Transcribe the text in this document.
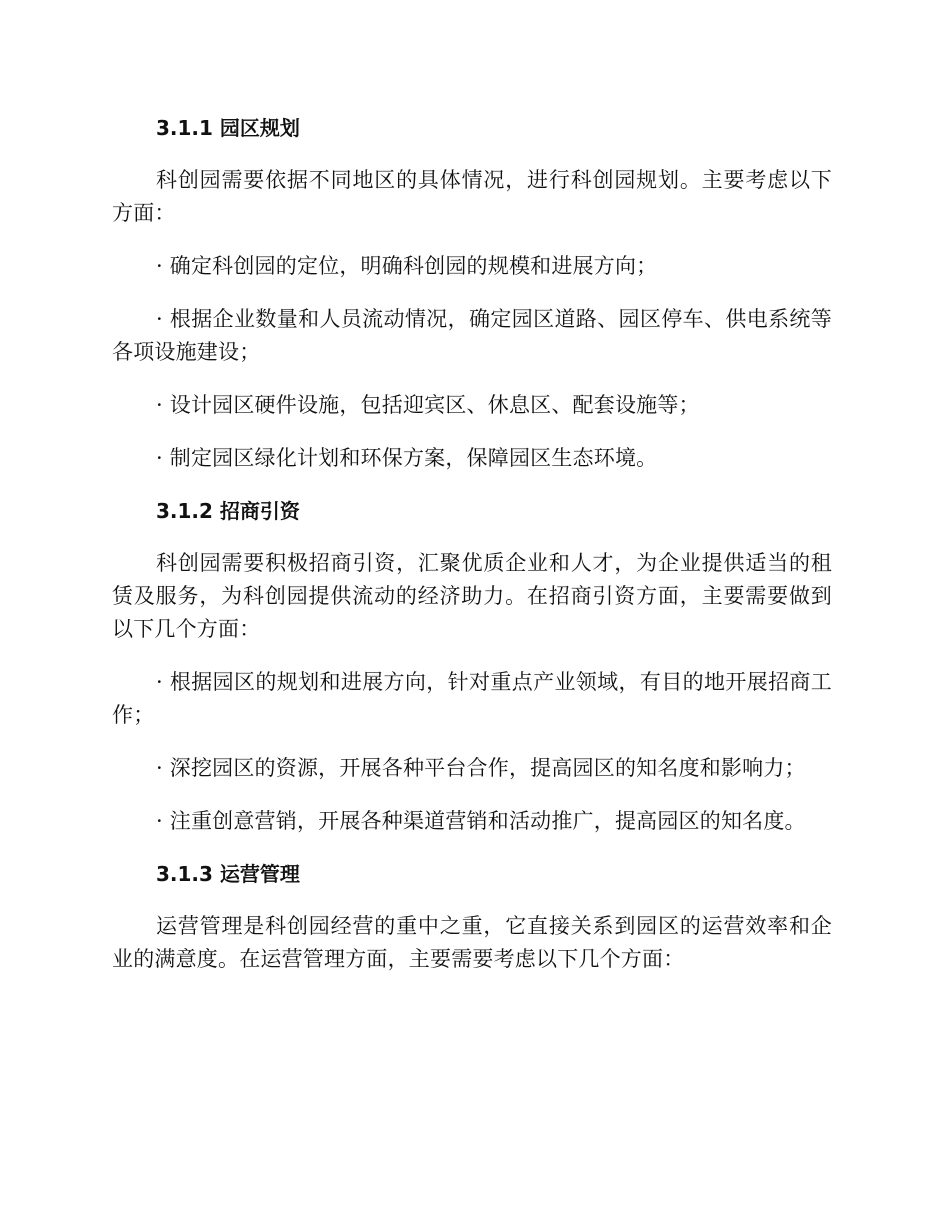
3.1.1 园区规划

科创园需要依据不同地区的具体情况，进行科创园规划。主要考虑以下方面：

· 确定科创园的定位，明确科创园的规模和进展方向；

· 根据企业数量和人员流动情况，确定园区道路、园区停车、供电系统等各项设施建设；

· 设计园区硬件设施，包括迎宾区、休息区、配套设施等；

· 制定园区绿化计划和环保方案，保障园区生态环境。

3.1.2 招商引资

科创园需要积极招商引资，汇聚优质企业和人才，为企业提供适当的租赁及服务，为科创园提供流动的经济助力。在招商引资方面，主要需要做到以下几个方面：

· 根据园区的规划和进展方向，针对重点产业领域，有目的地开展招商工作；

· 深挖园区的资源，开展各种平台合作，提高园区的知名度和影响力；

· 注重创意营销，开展各种渠道营销和活动推广，提高园区的知名度。

3.1.3 运营管理

运营管理是科创园经营的重中之重，它直接关系到园区的运营效率和企业的满意度。在运营管理方面，主要需要考虑以下几个方面：
